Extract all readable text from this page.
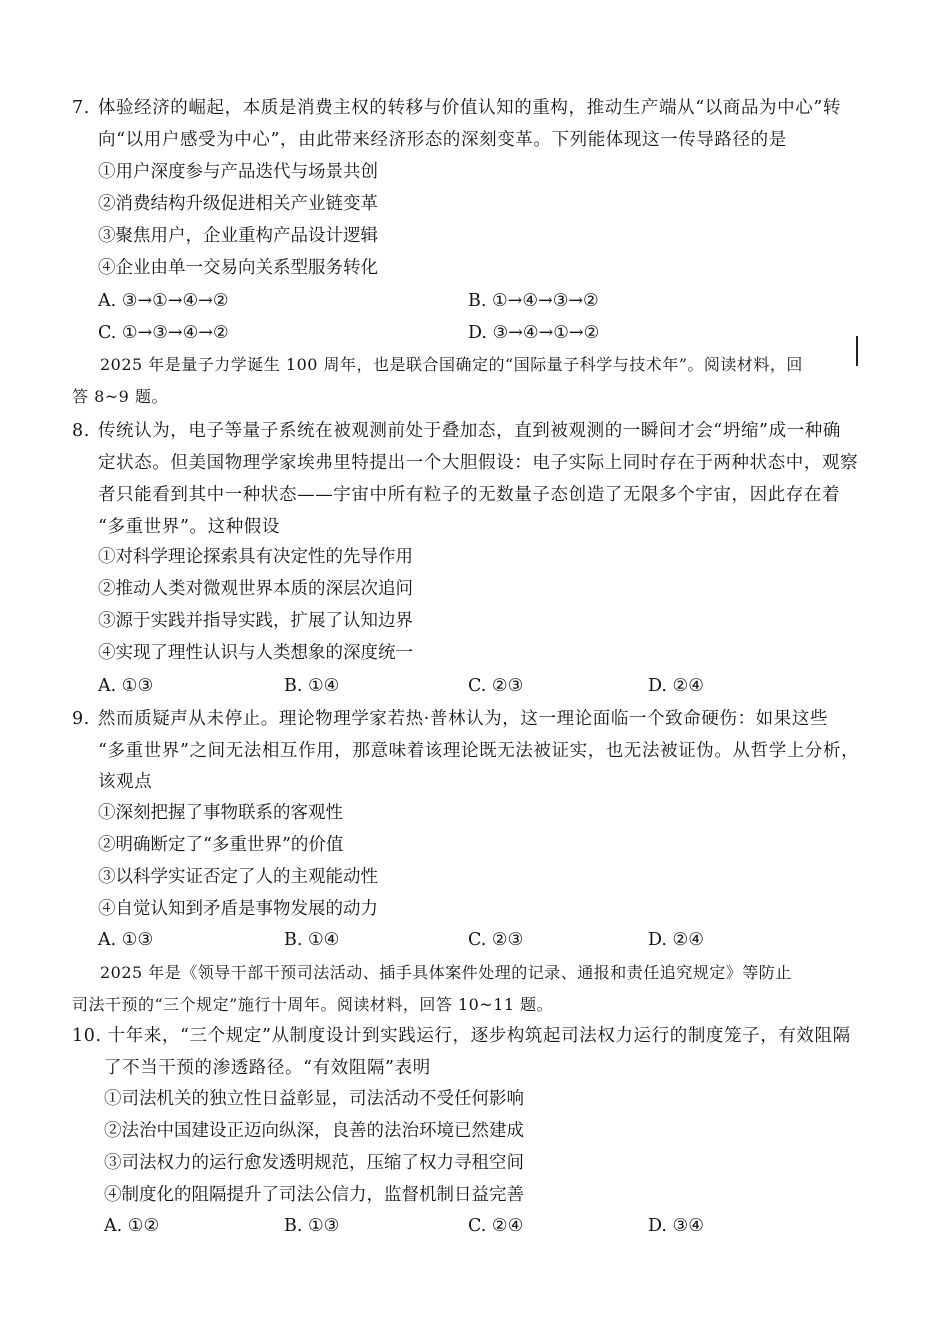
7. 体验经济的崛起，本质是消费主权的转移与价值认知的重构，推动生产端从“以商品为中心”转
向“以用户感受为中心”，由此带来经济形态的深刻变革。下列能体现这一传导路径的是
①用户深度参与产品迭代与场景共创
②消费结构升级促进相关产业链变革
③聚焦用户，企业重构产品设计逻辑
④企业由单一交易向关系型服务转化
A. ③→①→④→②	B. ①→④→③→②
C. ①→③→④→②	D. ③→④→①→②
2025 年是量子力学诞生 100 周年，也是联合国确定的“国际量子科学与技术年”。阅读材料，回
答 8~9 题。
8. 传统认为，电子等量子系统在被观测前处于叠加态，直到被观测的一瞬间才会“坍缩”成一种确
定状态。但美国物理学家埃弗里特提出一个大胆假设：电子实际上同时存在于两种状态中，观察
者只能看到其中一种状态——宇宙中所有粒子的无数量子态创造了无限多个宇宙，因此存在着
“多重世界”。这种假设
①对科学理论探索具有决定性的先导作用
②推动人类对微观世界本质的深层次追问
③源于实践并指导实践，扩展了认知边界
④实现了理性认识与人类想象的深度统一
A. ①③	B. ①④	C. ②③	D. ②④
9. 然而质疑声从未停止。理论物理学家若热·普林认为，这一理论面临一个致命硬伤：如果这些
“多重世界”之间无法相互作用，那意味着该理论既无法被证实，也无法被证伪。从哲学上分析，
该观点
①深刻把握了事物联系的客观性
②明确断定了“多重世界”的价值
③以科学实证否定了人的主观能动性
④自觉认知到矛盾是事物发展的动力
A. ①③	B. ①④	C. ②③	D. ②④
2025 年是《领导干部干预司法活动、插手具体案件处理的记录、通报和责任追究规定》等防止
司法干预的“三个规定”施行十周年。阅读材料，回答 10~11 题。
10. 十年来，“三个规定”从制度设计到实践运行，逐步构筑起司法权力运行的制度笼子，有效阻隔
了不当干预的渗透路径。“有效阻隔”表明
①司法机关的独立性日益彰显，司法活动不受任何影响
②法治中国建设正迈向纵深，良善的法治环境已然建成
③司法权力的运行愈发透明规范，压缩了权力寻租空间
④制度化的阻隔提升了司法公信力，监督机制日益完善
A. ①②	B. ①③	C. ②④	D. ③④
